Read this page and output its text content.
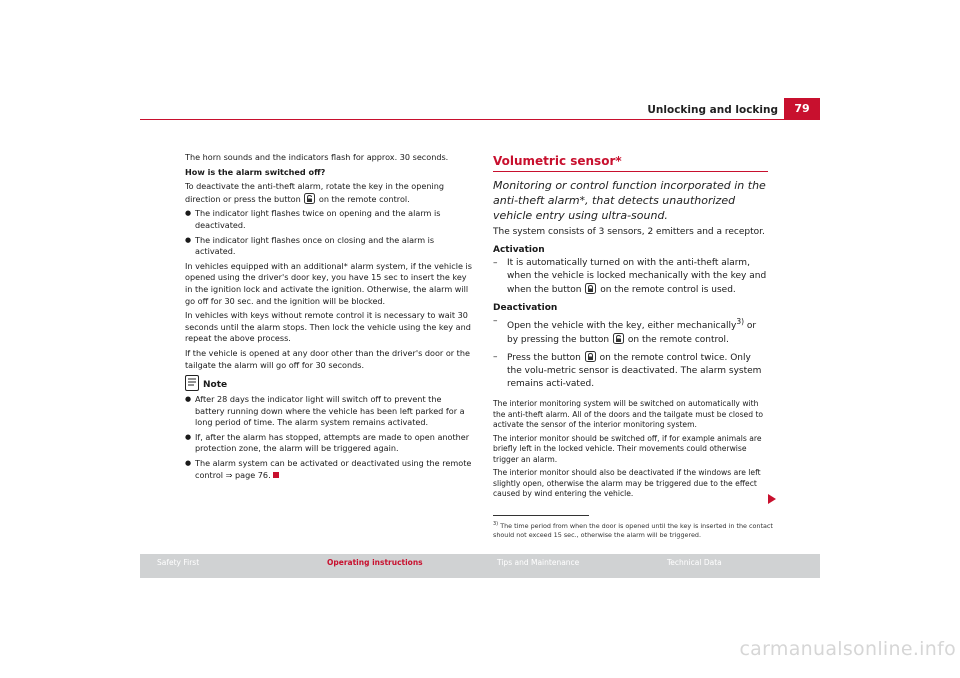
Unlocking and locking	79

The horn sounds and the indicators flash for approx. 30 seconds.

How is the alarm switched off?

To deactivate the anti-theft alarm, rotate the key in the opening direction or press the button on the remote control.

● The indicator light flashes twice on opening and the alarm is deactivated.

● The indicator light flashes once on closing and the alarm is activated.

In vehicles equipped with an additional* alarm system, if the vehicle is opened using the driver's door key, you have 15 sec to insert the key in the ignition lock and activate the ignition. Otherwise, the alarm will go off for 30 sec. and the ignition will be blocked.

In vehicles with keys without remote control it is necessary to wait 30 seconds until the alarm stops. Then lock the vehicle using the key and repeat the above process.

If the vehicle is opened at any door other than the driver's door or the tailgate the alarm will go off for 30 seconds.

Note

● After 28 days the indicator light will switch off to prevent the battery running down where the vehicle has been left parked for a long period of time. The alarm system remains activated.

● If, after the alarm has stopped, attempts are made to open another protection zone, the alarm will be triggered again.

● The alarm system can be activated or deactivated using the remote control ⇒ page 76.

Volumetric sensor*

Monitoring or control function incorporated in the anti-theft alarm*, that detects unauthorized vehicle entry using ultra-sound.

The system consists of 3 sensors, 2 emitters and a receptor.

Activation

– It is automatically turned on with the anti-theft alarm, when the vehicle is locked mechanically with the key and when the button on the remote control is used.

Deactivation

– Open the vehicle with the key, either mechanically$^{3)}$ or by pressing the button on the remote control.

– Press the button on the remote control twice. Only the volu-metric sensor is deactivated. The alarm system remains acti-vated.

The interior monitoring system will be switched on automatically with the anti-theft alarm. All of the doors and the tailgate must be closed to activate the sensor of the interior monitoring system.

The interior monitor should be switched off, if for example animals are briefly left in the locked vehicle. Their movements could otherwise trigger an alarm.

The interior monitor should also be deactivated if the windows are left slightly open, otherwise the alarm may be triggered due to the effect caused by wind entering the vehicle.

$^{3)}$ The time period from when the door is opened until the key is inserted in the contact should not exceed 15 sec., otherwise the alarm will be triggered.
Safety First	Operating instructions	Tips and Maintenance	Technical Data
carmanualsonline.info
